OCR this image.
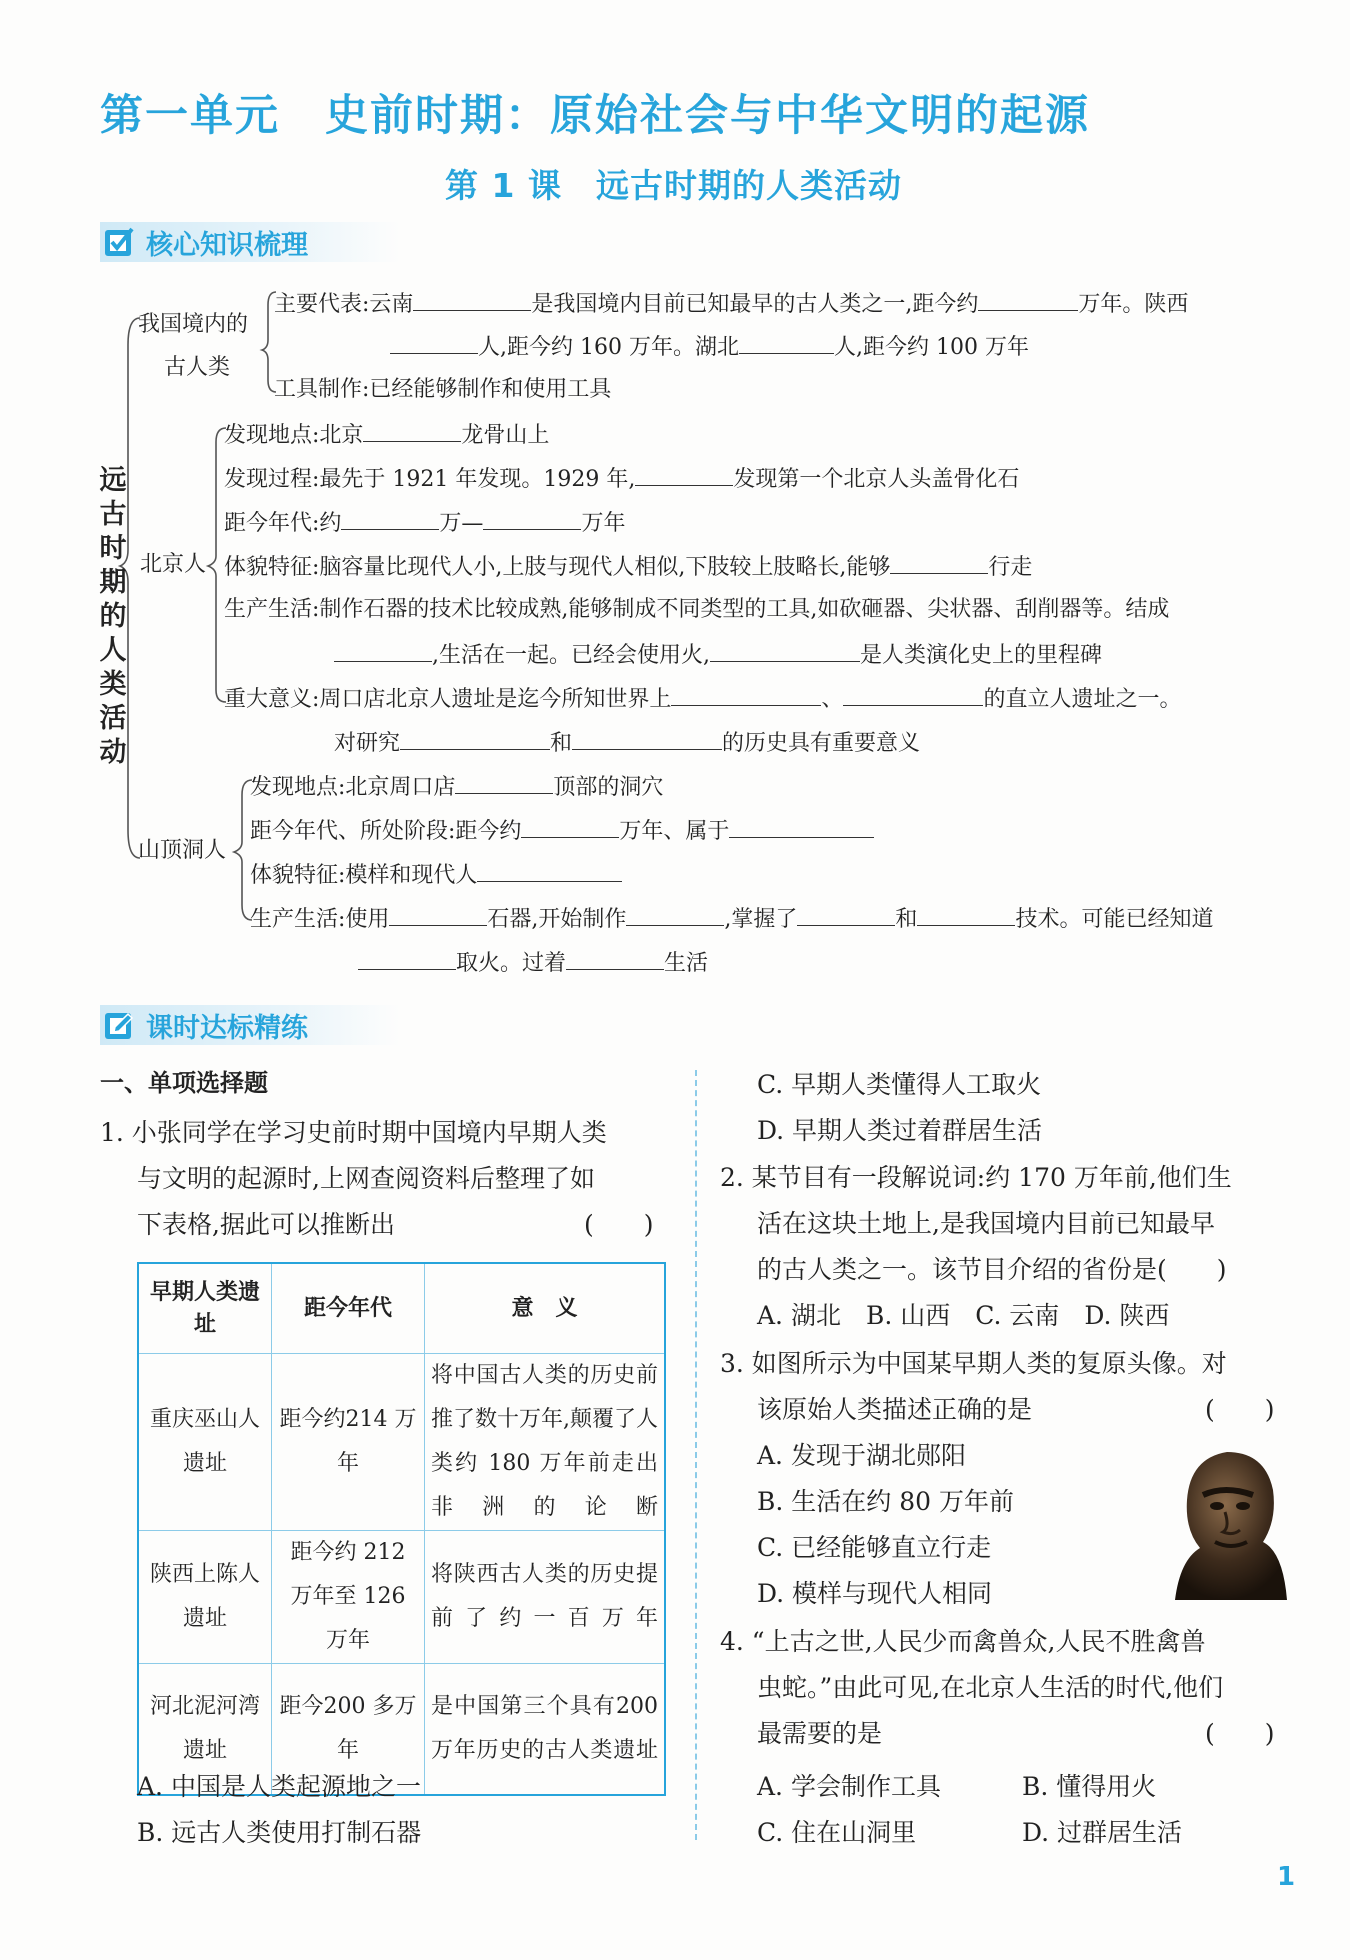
第一单元　史前时期：原始社会与中华文明的起源
第 1 课　远古时期的人类活动
核心知识梳理
远古时期的人类活动
我国境内的
古人类
主要代表:云南	是我国境内目前已知最早的古人类之一,距今约	万年。陕西
人,距今约 160 万年。湖北	人,距今约 100 万年
工具制作:已经能够制作和使用工具
北京人
发现地点:北京	龙骨山上
发现过程:最先于 1921 年发现。1929 年,	发现第一个北京人头盖骨化石
距今年代:约	万—	万年
体貌特征:脑容量比现代人小,上肢与现代人相似,下肢较上肢略长,能够	行走
生产生活:制作石器的技术比较成熟,能够制成不同类型的工具,如砍砸器、尖状器、刮削器等。结成
,生活在一起。已经会使用火,	是人类演化史上的里程碑
重大意义:周口店北京人遗址是迄今所知世界上	、	的直立人遗址之一。
对研究	和	的历史具有重要意义
山顶洞人
发现地点:北京周口店	顶部的洞穴
距今年代、所处阶段:距今约	万年、属于
体貌特征:模样和现代人
生产生活:使用	石器,开始制作	,掌握了	和	技术。可能已经知道
取火。过着	生活
课时达标精练
一、单项选择题
1. 小张同学在学习史前时期中国境内早期人类
与文明的起源时,上网查阅资料后整理了如
下表格,据此可以推断出	(　　)
早期人类遗址	距今年代	意　义
重庆巫山人遗址	距今约214 万年	将中国古人类的历史前推了数十万年,颠覆了人类约 180 万年前走出非洲的论断
陕西上陈人遗址	距今约 212 万年至 126 万年	将陕西古人类的历史提前了约一百万年
河北泥河湾遗址	距今200 多万年	是中国第三个具有200 万年历史的古人类遗址
A. 中国是人类起源地之一
B. 远古人类使用打制石器
C. 早期人类懂得人工取火
D. 早期人类过着群居生活
2. 某节目有一段解说词:约 170 万年前,他们生
活在这块土地上,是我国境内目前已知最早
的古人类之一。该节目介绍的省份是(　　)
A. 湖北　B. 山西　C. 云南　D. 陕西
3. 如图所示为中国某早期人类的复原头像。对
该原始人类描述正确的是	(　　)
A. 发现于湖北郧阳
B. 生活在约 80 万年前
C. 已经能够直立行走
D. 模样与现代人相同
4. “上古之世,人民少而禽兽众,人民不胜禽兽
虫蛇。”由此可见,在北京人生活的时代,他们
最需要的是	(　　)
A. 学会制作工具	B. 懂得用火
C. 住在山洞里	D. 过群居生活
1
